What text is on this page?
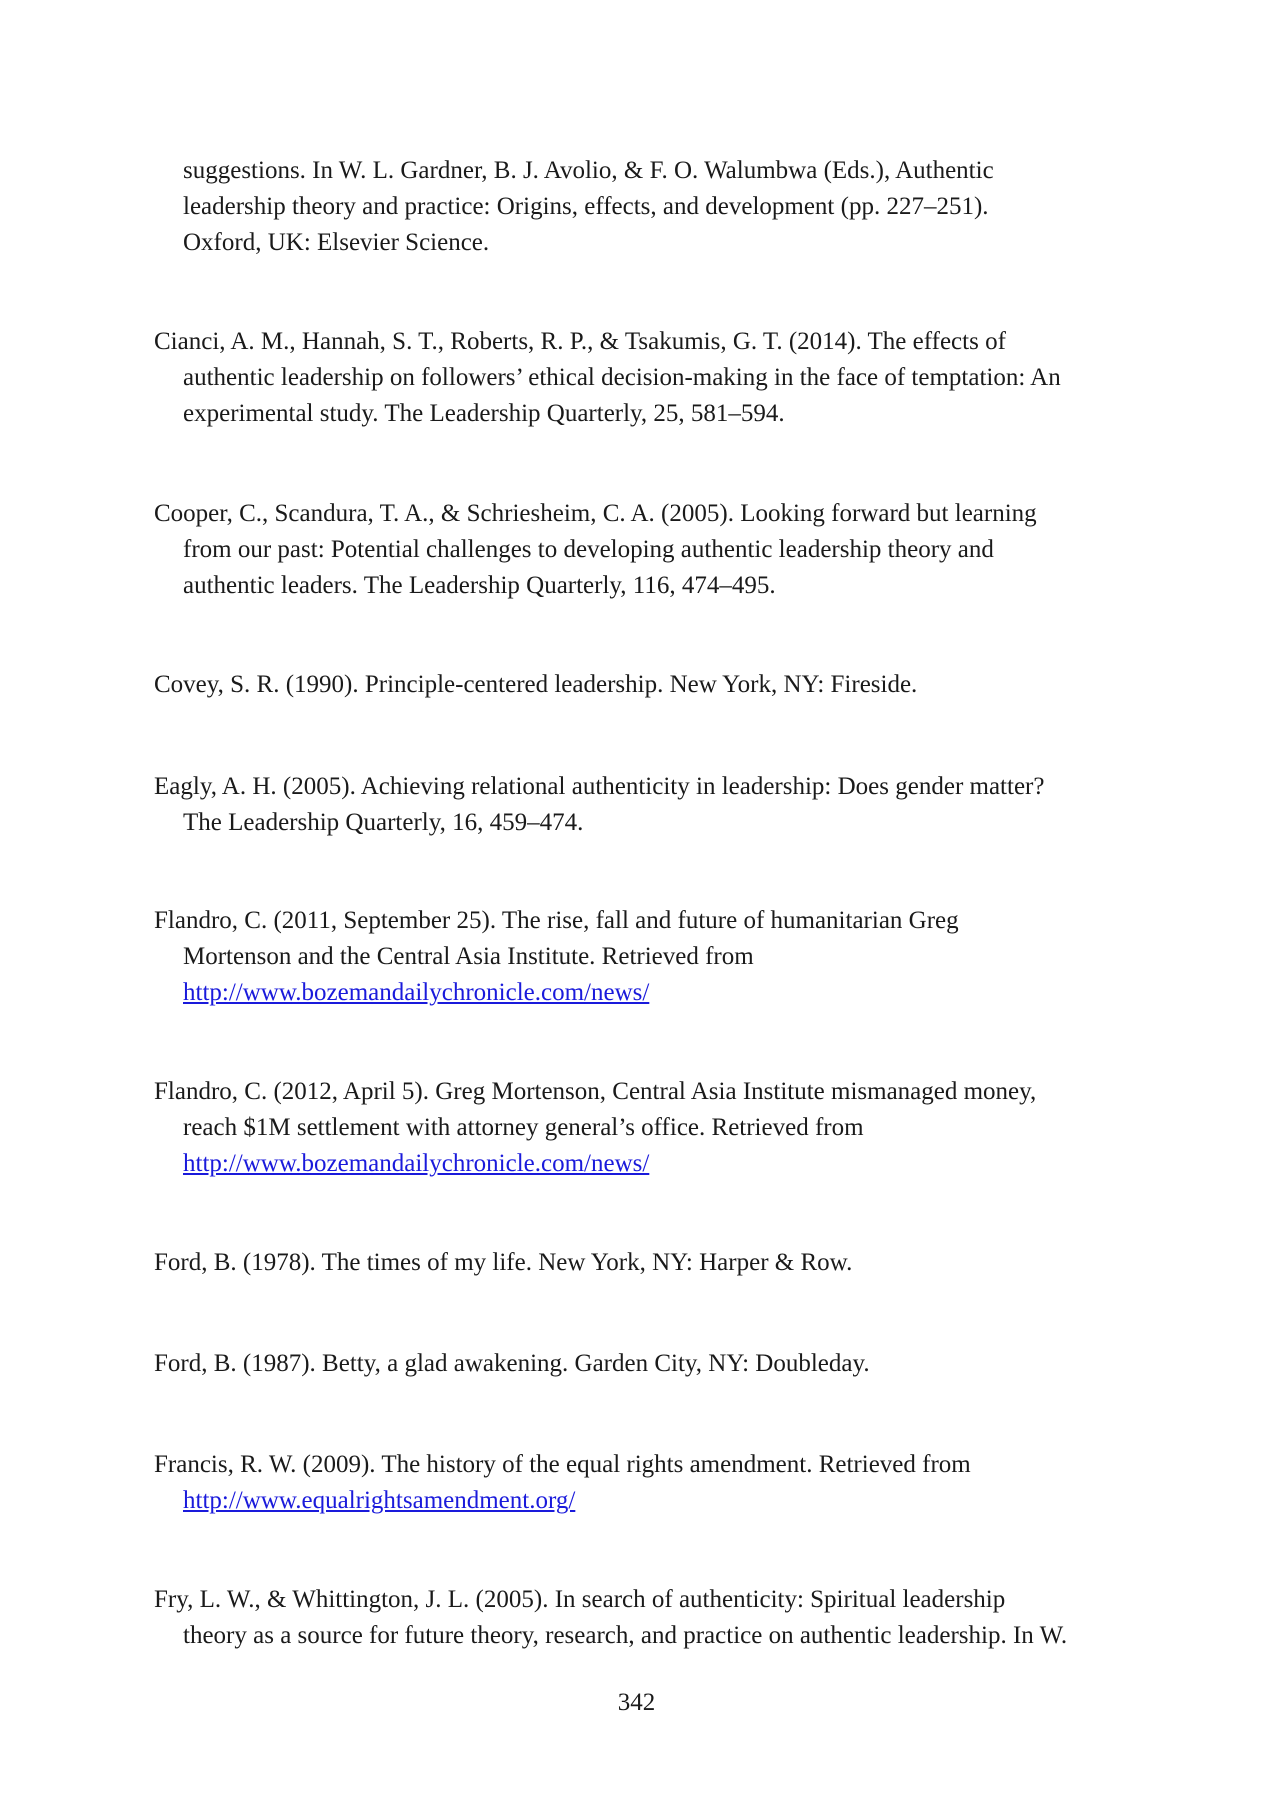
suggestions. In W. L. Gardner, B. J. Avolio, & F. O. Walumbwa (Eds.), Authentic
leadership theory and practice: Origins, effects, and development (pp. 227–251).
Oxford, UK: Elsevier Science.
Cianci, A. M., Hannah, S. T., Roberts, R. P., & Tsakumis, G. T. (2014). The effects of
authentic leadership on followers’ ethical decision-making in the face of temptation: An
experimental study. The Leadership Quarterly, 25, 581–594.
Cooper, C., Scandura, T. A., & Schriesheim, C. A. (2005). Looking forward but learning
from our past: Potential challenges to developing authentic leadership theory and
authentic leaders. The Leadership Quarterly, 116, 474–495.
Covey, S. R. (1990). Principle-centered leadership. New York, NY: Fireside.
Eagly, A. H. (2005). Achieving relational authenticity in leadership: Does gender matter?
The Leadership Quarterly, 16, 459–474.
Flandro, C. (2011, September 25). The rise, fall and future of humanitarian Greg
Mortenson and the Central Asia Institute. Retrieved from
http://www.bozemandailychronicle.com/news/
Flandro, C. (2012, April 5). Greg Mortenson, Central Asia Institute mismanaged money,
reach $1M settlement with attorney general’s office. Retrieved from
http://www.bozemandailychronicle.com/news/
Ford, B. (1978). The times of my life. New York, NY: Harper & Row.
Ford, B. (1987). Betty, a glad awakening. Garden City, NY: Doubleday.
Francis, R. W. (2009). The history of the equal rights amendment. Retrieved from
http://www.equalrightsamendment.org/
Fry, L. W., & Whittington, J. L. (2005). In search of authenticity: Spiritual leadership
theory as a source for future theory, research, and practice on authentic leadership. In W.
342
